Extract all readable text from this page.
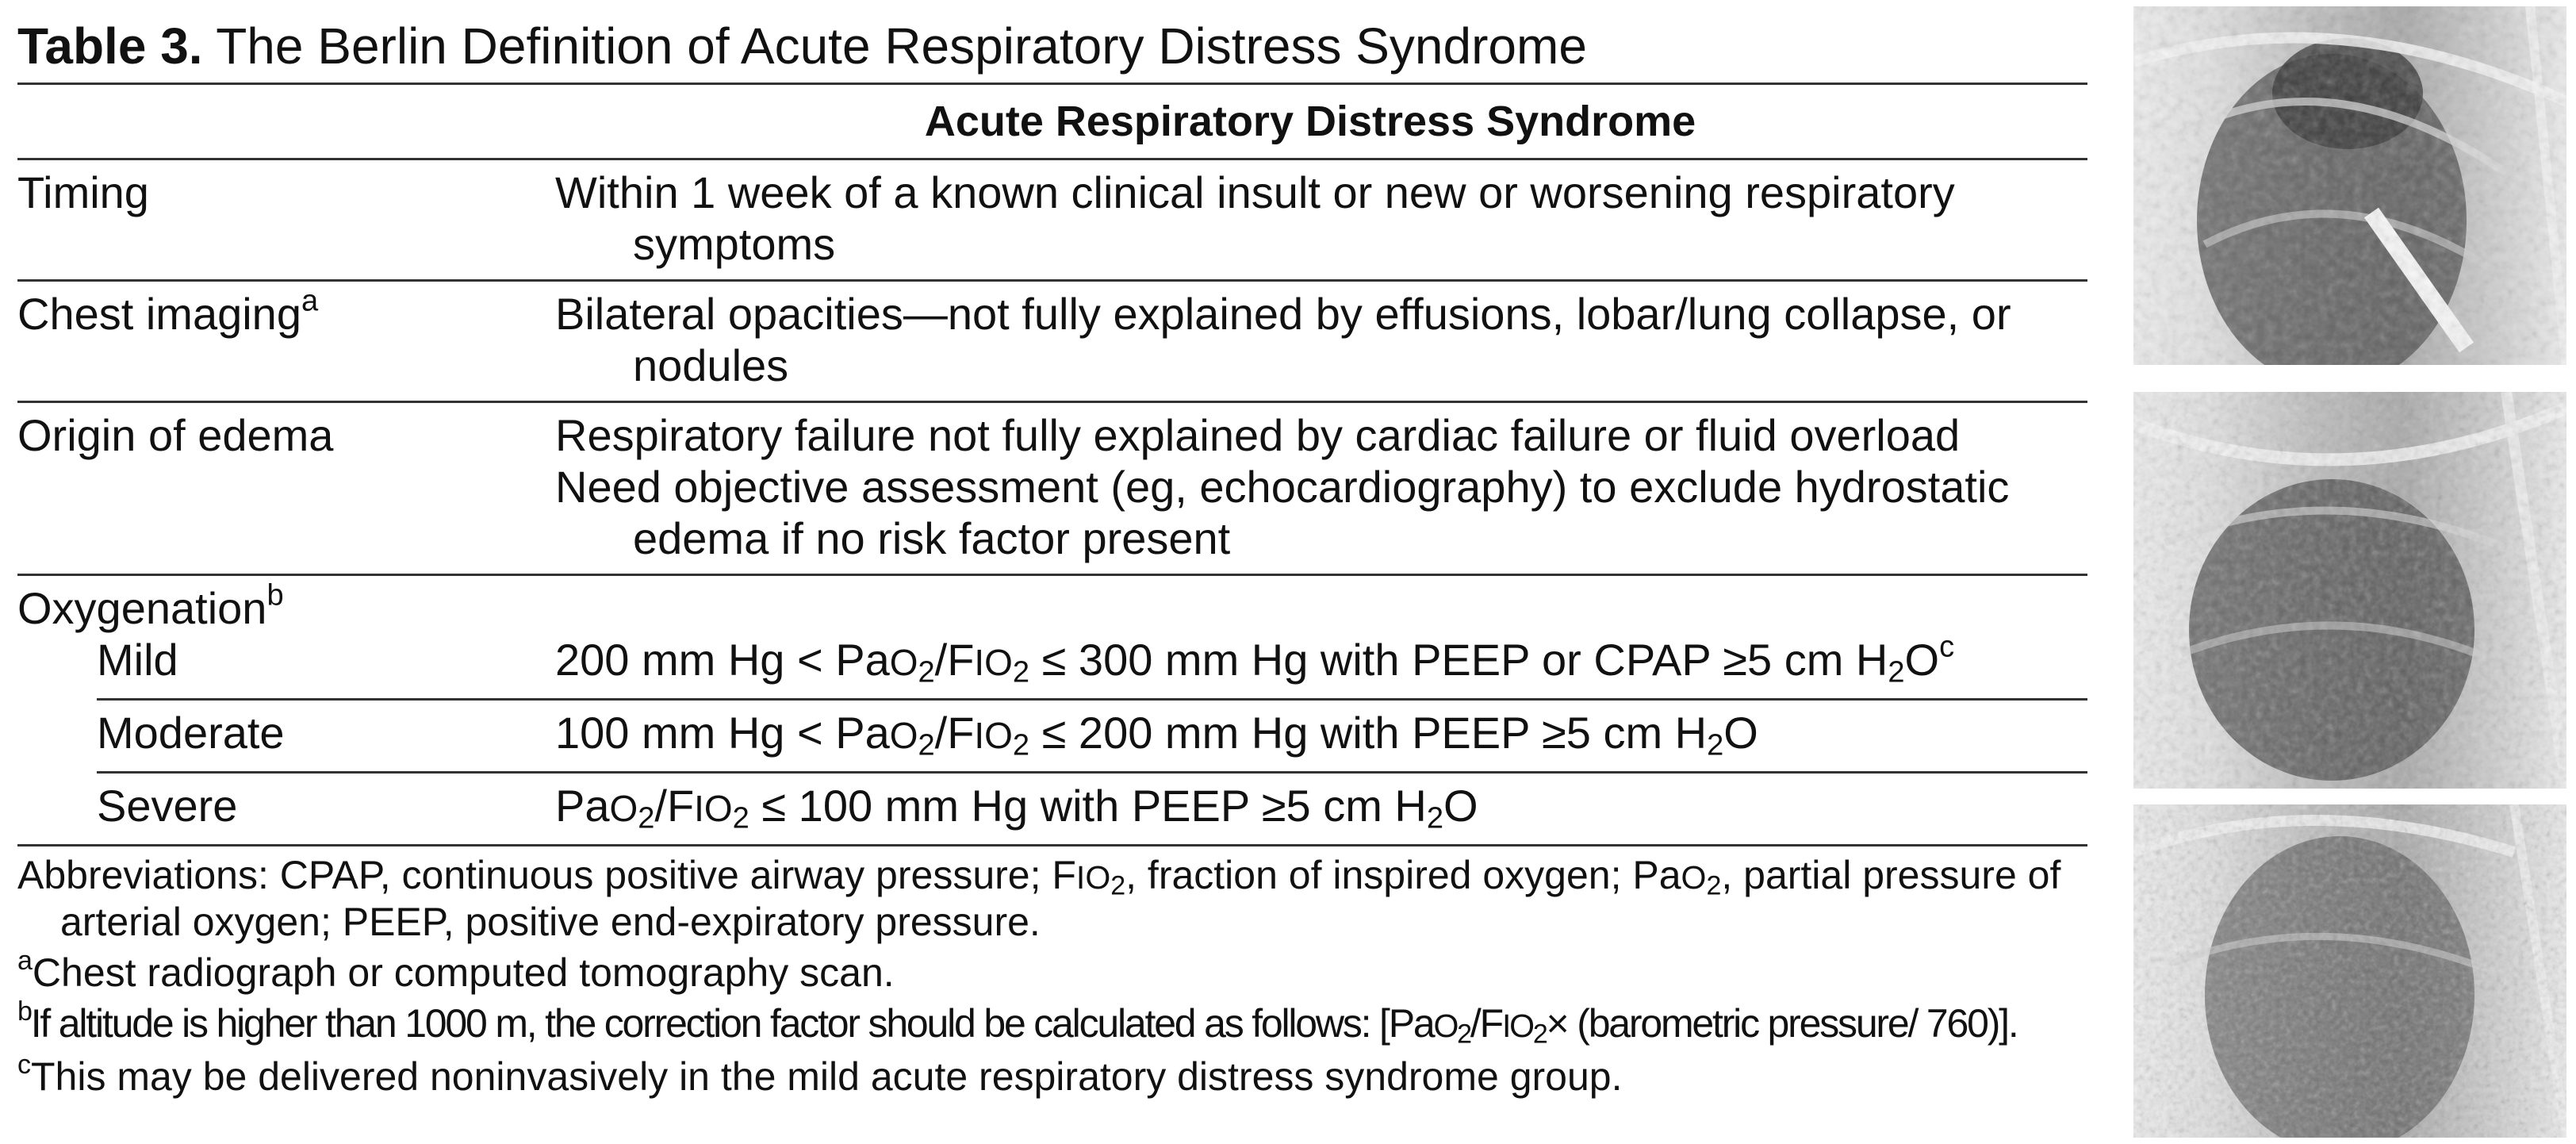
Table 3. The Berlin Definition of Acute Respiratory Distress Syndrome
Acute Respiratory Distress Syndrome
Timing	Within 1 week of a known clinical insult or new or worsening respiratory
symptoms
Chest imaging$^a$	Bilateral opacities—not fully explained by effusions, lobar/lung collapse, or
nodules
Origin of edema	Respiratory failure not fully explained by cardiac failure or fluid overload
Need objective assessment (eg, echocardiography) to exclude hydrostatic
edema if no risk factor present
Oxygenation$^b$
Mild	200 mm $Hg < PaO_2/FIO_2 \le 300$ mm Hg with PEEP or CPAP ≥5 cm $H_2O^c$
Moderate	100 mm $Hg < PaO_2/FIO_2 \le 200$ mm Hg with PEEP ≥5 cm $H_2O$
Severe	$PaO_2/FIO_2 \le 100$ mm Hg with PEEP ≥5 cm $H_2O$

Abbreviations: CPAP, continuous positive airway pressure; $FIO_2$, fraction of inspired oxygen; PaO$_2$, partial pressure of arterial oxygen; PEEP, positive end-expiratory pressure.

$^a$Chest radiograph or computed tomography scan.

$^b$If altitude is higher than 1000 m, the correction factor should be calculated as follows: [$PaO_2/FIO_2\times$ (barometric pressure/ 760)].

$^c$This may be delivered noninvasively in the mild acute respiratory distress syndrome group.
